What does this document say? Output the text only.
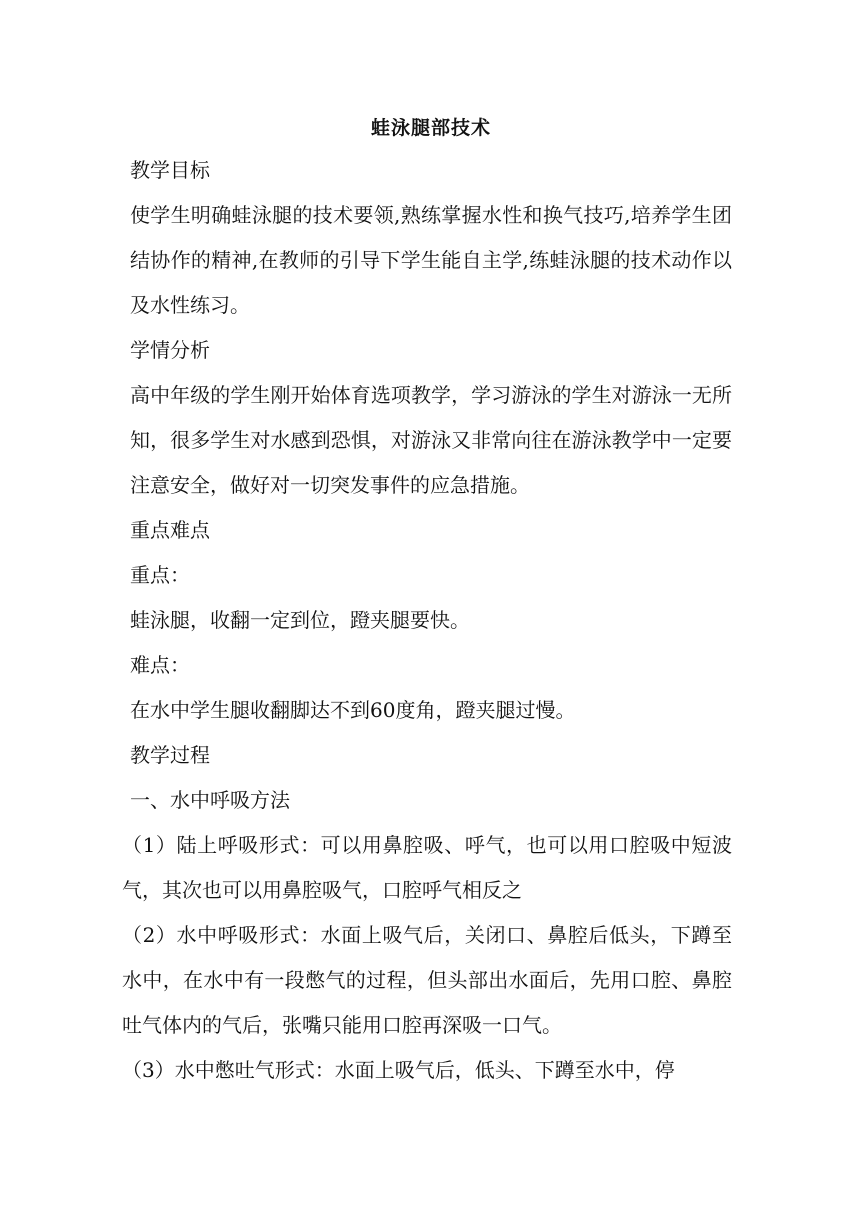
蛙泳腿部技术

教学目标

使学生明确蛙泳腿的技术要领,熟练掌握水性和换气技巧,培养学生团结协作的精神,在教师的引导下学生能自主学,练蛙泳腿的技术动作以及水性练习。

学情分析

高中年级的学生刚开始体育选项教学，学习游泳的学生对游泳一无所知，很多学生对水感到恐惧，对游泳又非常向往在游泳教学中一定要注意安全，做好对一切突发事件的应急措施。

重点难点

重点：

蛙泳腿，收翻一定到位，蹬夹腿要快。

难点：

在水中学生腿收翻脚达不到60度角，蹬夹腿过慢。

教学过程

一、水中呼吸方法

（1）陆上呼吸形式：可以用鼻腔吸、呼气，也可以用口腔吸中短波气，其次也可以用鼻腔吸气，口腔呼气相反之

（2）水中呼吸形式：水面上吸气后，关闭口、鼻腔后低头，下蹲至水中，在水中有一段憋气的过程，但头部出水面后，先用口腔、鼻腔吐气体内的气后，张嘴只能用口腔再深吸一口气。

（3）水中憋吐气形式：水面上吸气后，低头、下蹲至水中，停
